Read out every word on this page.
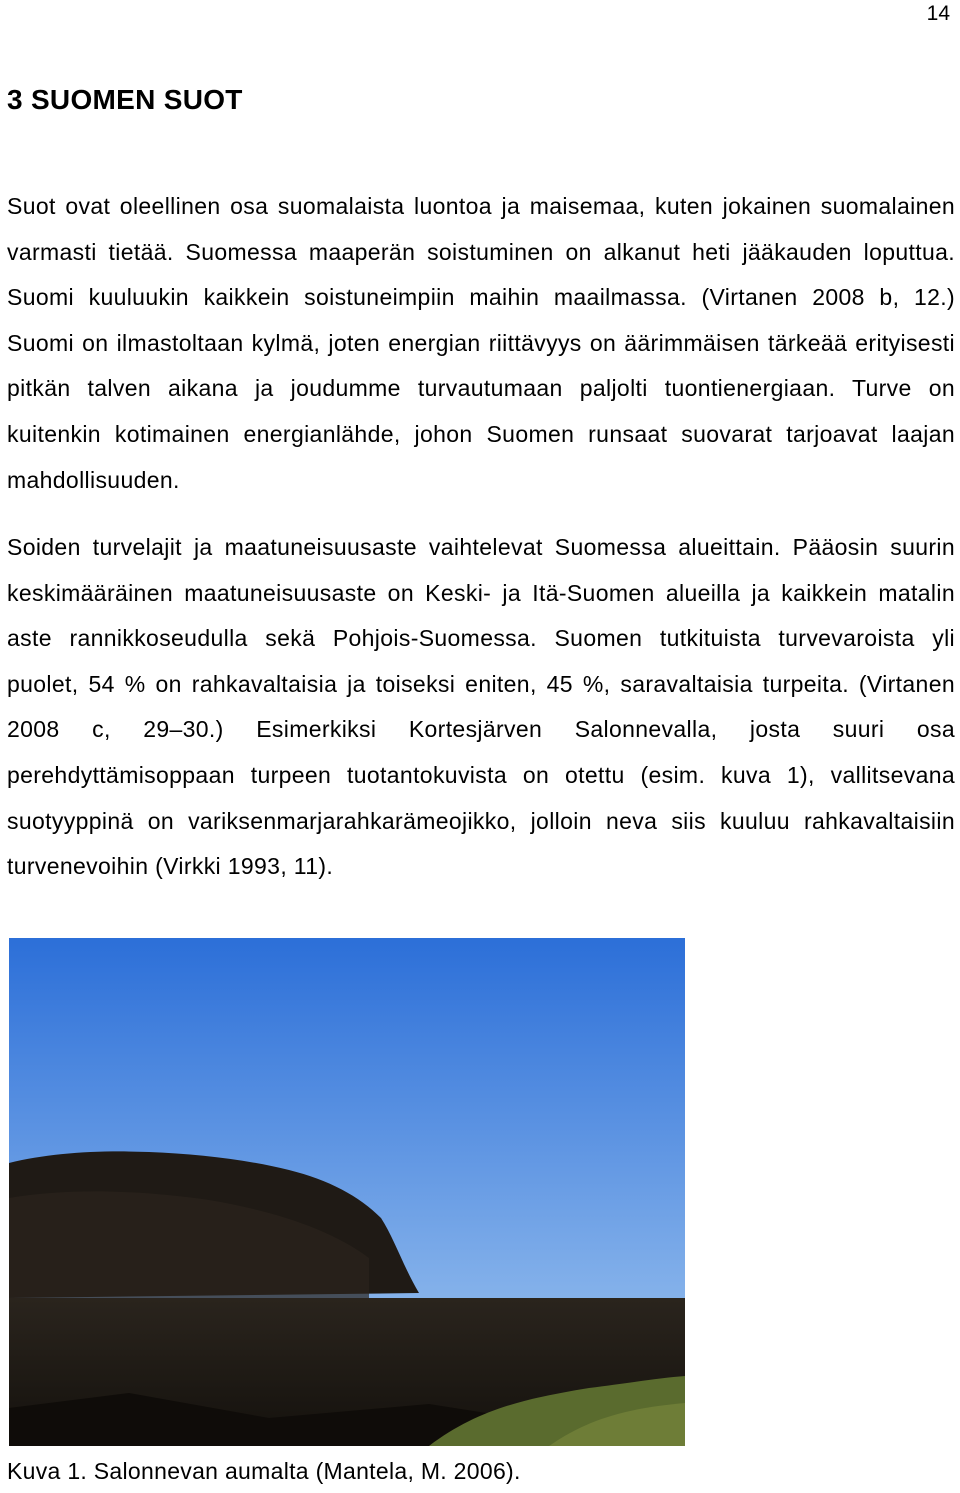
14
3 SUOMEN SUOT

Suot ovat oleellinen osa suomalaista luontoa ja maisemaa, kuten jokainen suomalainen varmasti tietää. Suomessa maaperän soistuminen on alkanut heti jääkauden loputtua. Suomi kuuluukin kaikkein soistuneimpiin maihin maailmassa. (Virtanen 2008 b, 12.) Suomi on ilmastoltaan kylmä, joten energian riittävyys on äärimmäisen tärkeää erityisesti pitkän talven aikana ja joudumme turvautumaan paljolti tuontienergiaan. Turve on kuitenkin kotimainen energianlähde, johon Suomen runsaat suovarat tarjoavat laajan mahdollisuuden.

Soiden turvelajit ja maatuneisuusaste vaihtelevat Suomessa alueittain. Pääosin suurin keskimääräinen maatuneisuusaste on Keski- ja Itä-Suomen alueilla ja kaikkein matalin aste rannikkoseudulla sekä Pohjois-Suomessa. Suomen tutkituista turvevaroista yli puolet, 54 % on rahkavaltaisia ja toiseksi eniten, 45 %, saravaltaisia turpeita. (Virtanen 2008 c, 29–30.) Esimerkiksi Kortesjärven Salonnevalla, josta suuri osa perehdyttämisoppaan turpeen tuotantokuvista on otettu (esim. kuva 1), vallitsevana suotyyppinä on variksenmarjarahkarämeojikko, jolloin neva siis kuuluu rahkavaltaisiin turvenevoihin (Virkki 1993, 11).

Kuva 1. Salonnevan aumalta (Mantela, M. 2006).
